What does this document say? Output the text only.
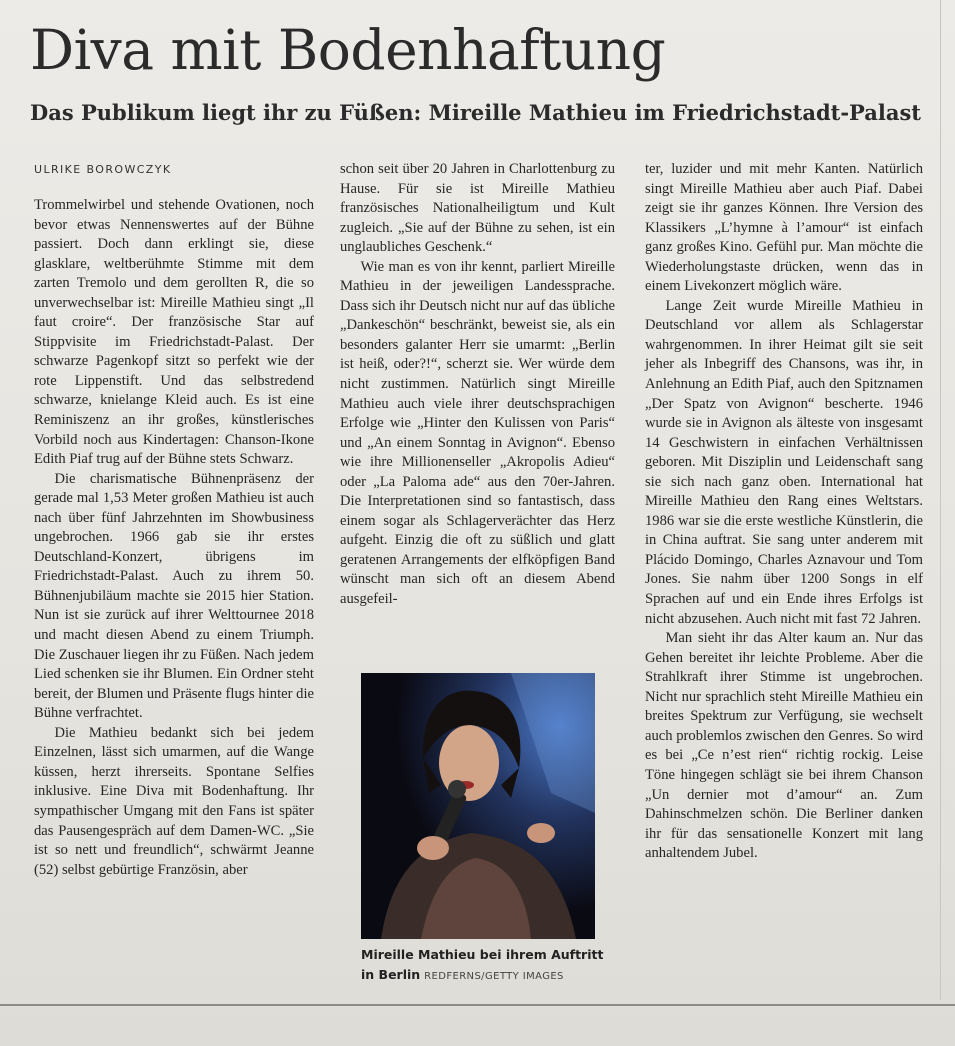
Diva mit Bodenhaftung
Das Publikum liegt ihr zu Füßen: Mireille Mathieu im Friedrichstadt-Palast
ULRIKE BOROWCZYK

Trommelwirbel und stehende Ovationen, noch bevor etwas Nennenswertes auf der Bühne passiert. Doch dann erklingt sie, diese glasklare, weltberühmte Stimme mit dem zarten Tremolo und dem gerollten R, die so unverwechselbar ist: Mireille Mathieu singt „Il faut croire“. Der französische Star auf Stippvisite im Friedrichstadt-Palast. Der schwarze Pagenkopf sitzt so perfekt wie der rote Lippenstift. Und das selbstredend schwarze, knielange Kleid auch. Es ist eine Reminiszenz an ihr großes, künstlerisches Vorbild noch aus Kindertagen: Chanson-Ikone Edith Piaf trug auf der Bühne stets Schwarz.

Die charismatische Bühnenpräsenz der gerade mal 1,53 Meter großen Mathieu ist auch nach über fünf Jahrzehnten im Showbusiness ungebrochen. 1966 gab sie ihr erstes Deutschland-Konzert, übrigens im Friedrichstadt-Palast. Auch zu ihrem 50. Bühnenjubiläum machte sie 2015 hier Station. Nun ist sie zurück auf ihrer Welttournee 2018 und macht diesen Abend zu einem Triumph. Die Zuschauer liegen ihr zu Füßen. Nach jedem Lied schenken sie ihr Blumen. Ein Ordner steht bereit, der Blumen und Präsente flugs hinter die Bühne verfrachtet.

Die Mathieu bedankt sich bei jedem Einzelnen, lässt sich umarmen, auf die Wange küssen, herzt ihrerseits. Spontane Selfies inklusive. Eine Diva mit Bodenhaftung. Ihr sympathischer Umgang mit den Fans ist später das Pausengespräch auf dem Damen-WC. „Sie ist so nett und freundlich“, schwärmt Jeanne (52) selbst gebürtige Französin, aber

schon seit über 20 Jahren in Charlottenburg zu Hause. Für sie ist Mireille Mathieu französisches Nationalheiligtum und Kult zugleich. „Sie auf der Bühne zu sehen, ist ein unglaubliches Geschenk.“

Wie man es von ihr kennt, parliert Mireille Mathieu in der jeweiligen Landessprache. Dass sich ihr Deutsch nicht nur auf das übliche „Dankeschön“ beschränkt, beweist sie, als ein besonders galanter Herr sie umarmt: „Berlin ist heiß, oder?!“, scherzt sie. Wer würde dem nicht zustimmen. Natürlich singt Mireille Mathieu auch viele ihrer deutschsprachigen Erfolge wie „Hinter den Kulissen von Paris“ und „An einem Sonntag in Avignon“. Ebenso wie ihre Millionenseller „Akropolis Adieu“ oder „La Paloma ade“ aus den 70er-Jahren. Die Interpretationen sind so fantastisch, dass einem sogar als Schlagerverächter das Herz aufgeht. Einzig die oft zu süßlich und glatt geratenen Arrangements der elfköpfigen Band wünscht man sich oft an diesem Abend ausgefeil-

Mireille Mathieu bei ihrem Auftritt in Berlin REDFERNS/GETTY IMAGES

ter, luzider und mit mehr Kanten. Natürlich singt Mireille Mathieu aber auch Piaf. Dabei zeigt sie ihr ganzes Können. Ihre Version des Klassikers „L’hymne à l’amour“ ist einfach ganz großes Kino. Gefühl pur. Man möchte die Wiederholungstaste drücken, wenn das in einem Livekonzert möglich wäre.

Lange Zeit wurde Mireille Mathieu in Deutschland vor allem als Schlagerstar wahrgenommen. In ihrer Heimat gilt sie seit jeher als Inbegriff des Chansons, was ihr, in Anlehnung an Edith Piaf, auch den Spitznamen „Der Spatz von Avignon“ bescherte. 1946 wurde sie in Avignon als älteste von insgesamt 14 Geschwistern in einfachen Verhältnissen geboren. Mit Disziplin und Leidenschaft sang sie sich nach ganz oben. International hat Mireille Mathieu den Rang eines Weltstars. 1986 war sie die erste westliche Künstlerin, die in China auftrat. Sie sang unter anderem mit Plácido Domingo, Charles Aznavour und Tom Jones. Sie nahm über 1200 Songs in elf Sprachen auf und ein Ende ihres Erfolgs ist nicht abzusehen. Auch nicht mit fast 72 Jahren.

Man sieht ihr das Alter kaum an. Nur das Gehen bereitet ihr leichte Probleme. Aber die Strahlkraft ihrer Stimme ist ungebrochen. Nicht nur sprachlich steht Mireille Mathieu ein breites Spektrum zur Verfügung, sie wechselt auch problemlos zwischen den Genres. So wird es bei „Ce n’est rien“ richtig rockig. Leise Töne hingegen schlägt sie bei ihrem Chanson „Un dernier mot d’amour“ an. Zum Dahinschmelzen schön. Die Berliner danken ihr für das sensationelle Konzert mit lang anhaltendem Jubel.
